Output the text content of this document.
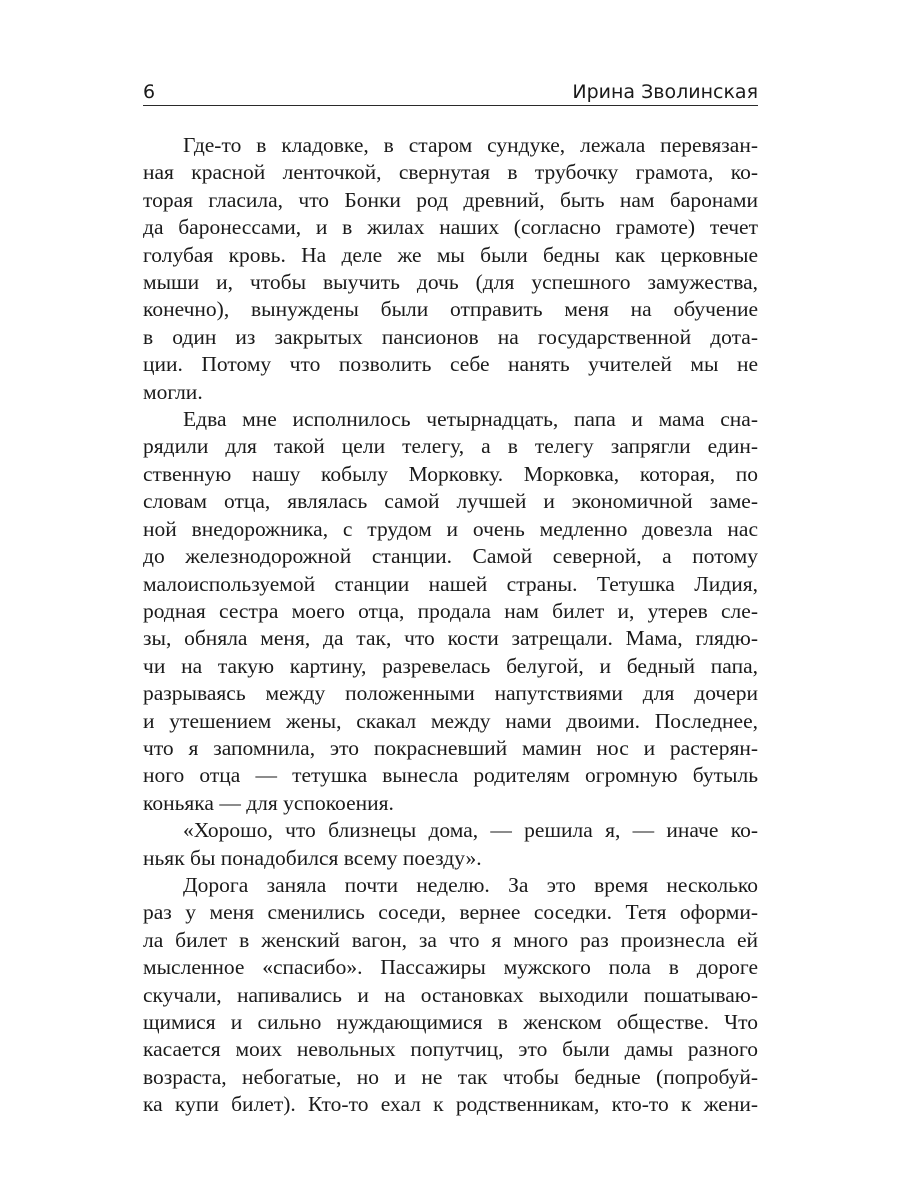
6	Ирина Зволинская

Где-то в кладовке, в старом сундуке, лежала перевязан-
ная красной ленточкой, свернутая в трубочку грамота, ко-
торая гласила, что Бонки род древний, быть нам баронами
да баронессами, и в жилах наших (согласно грамоте) течет
голубая кровь. На деле же мы были бедны как церковные
мыши и, чтобы выучить дочь (для успешного замужества,
конечно), вынуждены были отправить меня на обучение
в один из закрытых пансионов на государственной дота-
ции. Потому что позволить себе нанять учителей мы не
могли.

Едва мне исполнилось четырнадцать, папа и мама сна-
рядили для такой цели телегу, а в телегу запрягли един-
ственную нашу кобылу Морковку. Морковка, которая, по
словам отца, являлась самой лучшей и экономичной заме-
ной внедорожника, с трудом и очень медленно довезла нас
до железнодорожной станции. Самой северной, а потому
малоиспользуемой станции нашей страны. Тетушка Лидия,
родная сестра моего отца, продала нам билет и, утерев сле-
зы, обняла меня, да так, что кости затрещали. Мама, глядю-
чи на такую картину, разревелась белугой, и бедный папа,
разрываясь между положенными напутствиями для дочери
и утешением жены, скакал между нами двоими. Последнее,
что я запомнила, это покрасневший мамин нос и растерян-
ного отца — тетушка вынесла родителям огромную бутыль
коньяка — для успокоения.

«Хорошо, что близнецы дома, — решила я, — иначе ко-
ньяк бы понадобился всему поезду».

Дорога заняла почти неделю. За это время несколько
раз у меня сменились соседи, вернее соседки. Тетя оформи-
ла билет в женский вагон, за что я много раз произнесла ей
мысленное «спасибо». Пассажиры мужского пола в дороге
скучали, напивались и на остановках выходили пошатываю-
щимися и сильно нуждающимися в женском обществе. Что
касается моих невольных попутчиц, это были дамы разного
возраста, небогатые, но и не так чтобы бедные (попробуй-
ка купи билет). Кто-то ехал к родственникам, кто-то к жени-
